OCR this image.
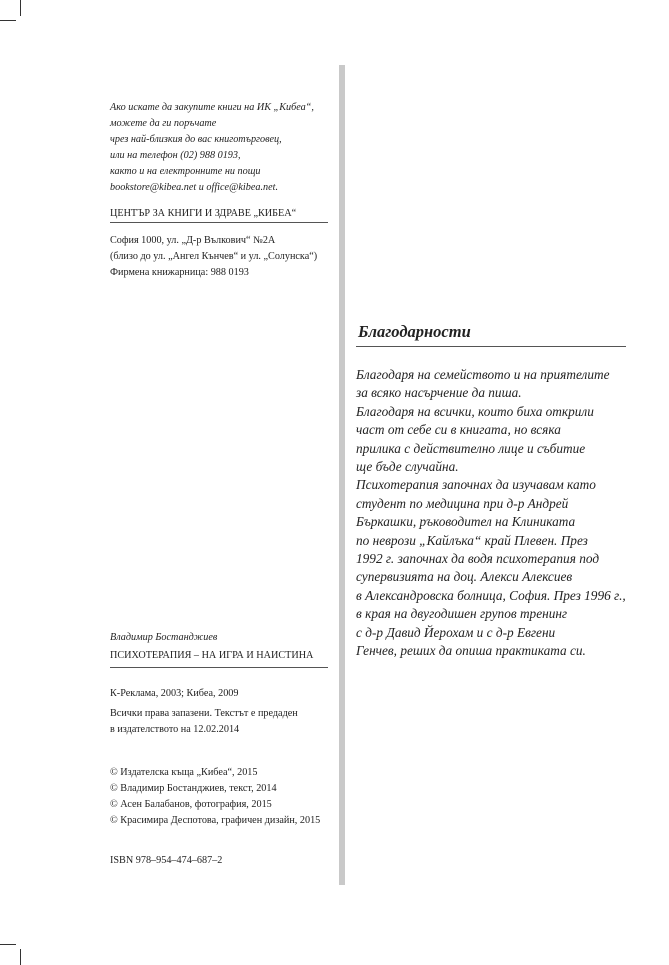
Ако искате да закупите книги на ИК „Кибеа“,
можете да ги поръчате
чрез най-близкия до вас книготърговец,
или на телефон (02) 988 0193,
както и на електронните ни пощи
bookstore@kibea.net и office@kibea.net.
ЦЕНТЪР ЗА КНИГИ И ЗДРАВЕ „КИБЕА“
София 1000, ул. „Д-р Вълкович“ №2А
(близо до ул. „Ангел Кънчев“ и ул. „Солунска“)
Фирмена книжарница: 988 0193
Владимир Бостанджиев
ПСИХОТЕРАПИЯ – НА ИГРА И НАИСТИНА
К-Реклама, 2003; Кибеа, 2009
Всички права запазени. Текстът е предаден
в издателството на 12.02.2014
© Издателска къща „Кибеа“, 2015
© Владимир Бостанджиев, текст, 2014
© Асен Балабанов, фотография, 2015
© Красимира Деспотова, графичен дизайн, 2015
ISBN 978–954–474–687–2
Благодарности
Благодаря на семейството и на приятелите
за всяко насърчение да пиша.
Благодаря на всички, които биха открили
част от себе си в книгата, но всяка
прилика с действително лице и събитие
ще бъде случайна.
Психотерапия започнах да изучавам като
студент по медицина при д-р Андрей
Бъркашки, ръководител на Клиниката
по неврози „Кайлъка“ край Плевен. През
1992 г. започнах да водя психотерапия под
супервизията на доц. Алекси Алексиев
в Александровска болница, София. През 1996 г.,
в края на двугодишен групов тренинг
с д-р Давид Йерохам и с д-р Евгени
Генчев, реших да опиша практиката си.
